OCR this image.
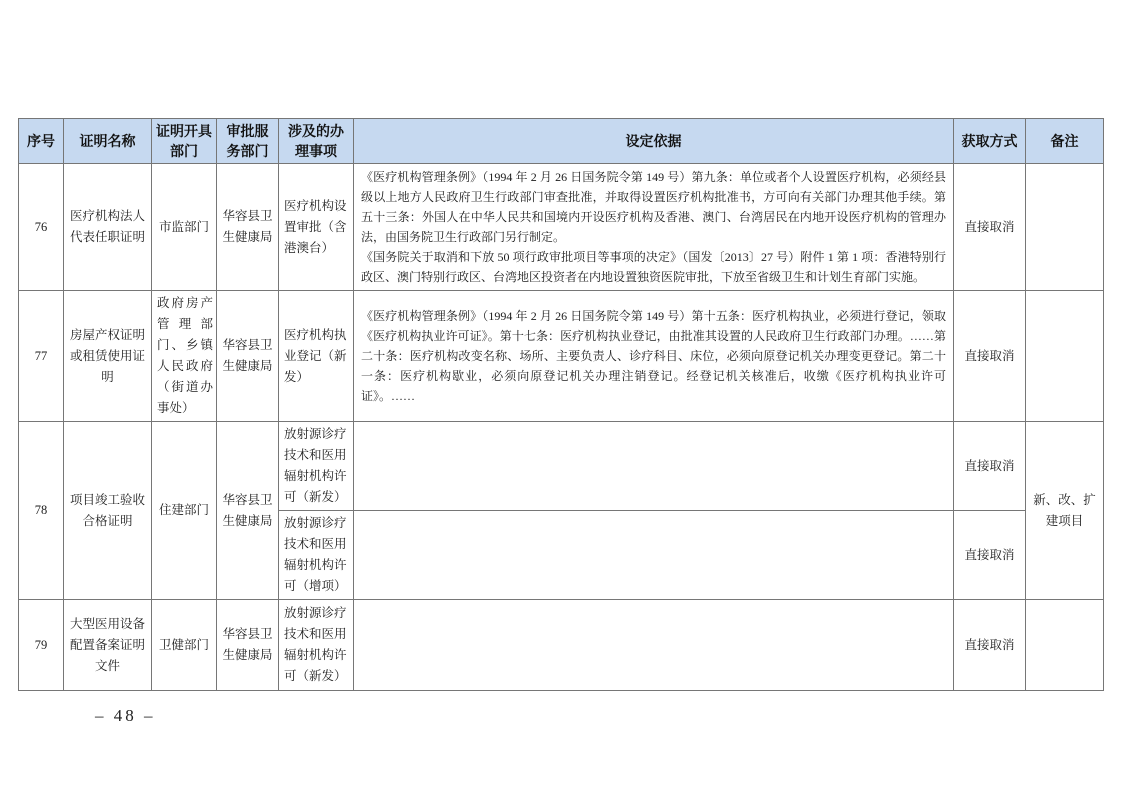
序号	证明名称	证明开具部门	审批服务部门	涉及的办理事项	设定依据	获取方式	备注
76	医疗机构法人代表任职证明	市监部门	华容县卫生健康局	医疗机构设置审批（含港澳台）	《医疗机构管理条例》（1994 年 2 月 26 日国务院令第 149 号）第九条：单位或者个人设置医疗机构，必须经县级以上地方人民政府卫生行政部门审查批准，并取得设置医疗机构批准书，方可向有关部门办理其他手续。第五十三条：外国人在中华人民共和国境内开设医疗机构及香港、澳门、台湾居民在内地开设医疗机构的管理办法，由国务院卫生行政部门另行制定。
《国务院关于取消和下放 50 项行政审批项目等事项的决定》（国发〔2013〕27 号）附件 1 第 1 项：香港特别行政区、澳门特别行政区、台湾地区投资者在内地设置独资医院审批，下放至省级卫生和计划生育部门实施。	直接取消	
77	房屋产权证明或租赁使用证明	政府房产管理部门、乡镇人民政府（街道办事处）	华容县卫生健康局	医疗机构执业登记（新发）	《医疗机构管理条例》（1994 年 2 月 26 日国务院令第 149 号）第十五条：医疗机构执业，必须进行登记，领取《医疗机构执业许可证》。第十七条：医疗机构执业登记，由批准其设置的人民政府卫生行政部门办理。……第二十条：医疗机构改变名称、场所、主要负责人、诊疗科目、床位，必须向原登记机关办理变更登记。第二十一条：医疗机构歇业，必须向原登记机关办理注销登记。经登记机关核准后，收缴《医疗机构执业许可证》。……	直接取消	
78	项目竣工验收合格证明	住建部门	华容县卫生健康局	放射源诊疗技术和医用辐射机构许可（新发）		直接取消	新、改、扩建项目
				放射源诊疗技术和医用辐射机构许可（增项）		直接取消	
79	大型医用设备配置备案证明文件	卫健部门	华容县卫生健康局	放射源诊疗技术和医用辐射机构许可（新发）		直接取消	
– 48 –
